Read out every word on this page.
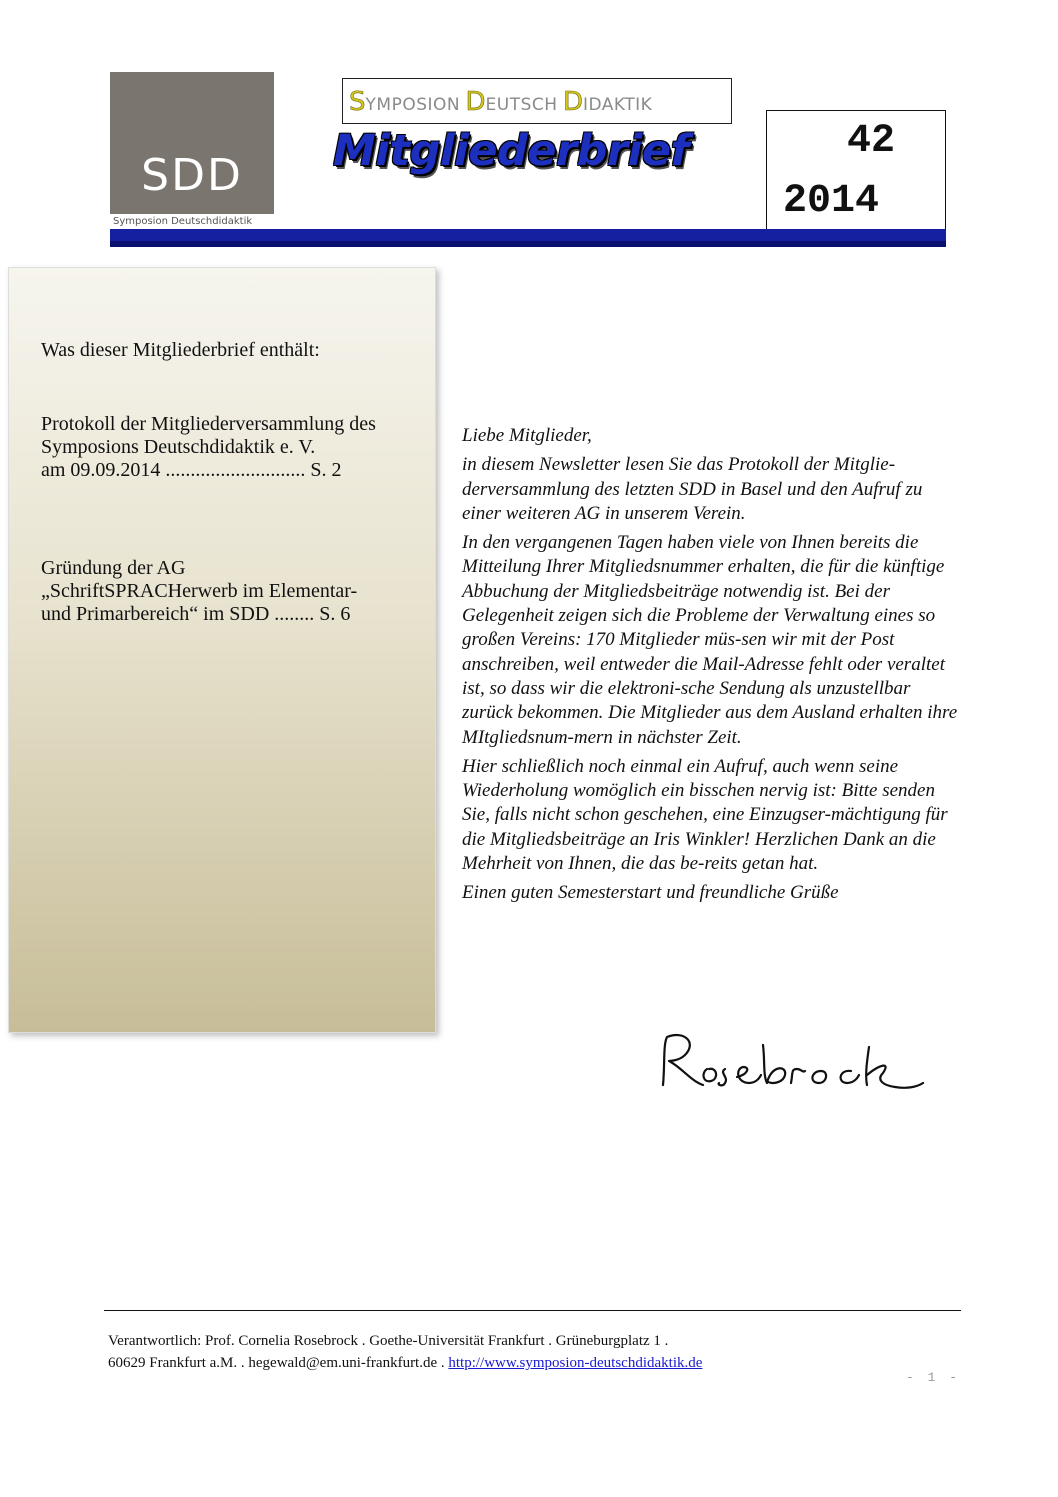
SDD
Symposion Deutschdidaktik
SYMPOSION DEUTSCH DIDAKTIK
Mitgliederbrief	42
2014
Was dieser Mitgliederbrief enthält:

Protokoll der Mitgliederversammlung des

Symposions Deutschdidaktik e. V.

am 09.09.2014 ............................ S. 2

Gründung der AG

„SchriftSPRACHerwerb im Elementar-

und Primarbereich“ im SDD ........ S. 6

Liebe Mitglieder,

in diesem Newsletter lesen Sie das Protokoll der Mitglie-derversammlung des letzten SDD in Basel und den Aufruf zu einer weiteren AG in unserem Verein.

In den vergangenen Tagen haben viele von Ihnen bereits die Mitteilung Ihrer Mitgliedsnummer erhalten, die für die künftige Abbuchung der Mitgliedsbeiträge notwendig ist. Bei der Gelegenheit zeigen sich die Probleme der Verwaltung eines so großen Vereins: 170 Mitglieder müs-sen wir mit der Post anschreiben, weil entweder die Mail-Adresse fehlt oder veraltet ist, so dass wir die elektroni-sche Sendung als unzustellbar zurück bekommen. Die Mitglieder aus dem Ausland erhalten ihre MItgliedsnum-mern in nächster Zeit.

Hier schließlich noch einmal ein Aufruf, auch wenn seine Wiederholung womöglich ein bisschen nervig ist: Bitte senden Sie, falls nicht schon geschehen, eine Einzugser-mächtigung für die Mitgliedsbeiträge an Iris Winkler! Herzlichen Dank an die Mehrheit von Ihnen, die das be-reits getan hat.

Einen guten Semesterstart und freundliche Grüße

Verantwortlich: Prof. Cornelia Rosebrock . Goethe-Universität Frankfurt . Grüneburgplatz 1 .
60629 Frankfurt a.M. . hegewald@em.uni-frankfurt.de . http://www.symposion-deutschdidaktik.de
- 1 -
